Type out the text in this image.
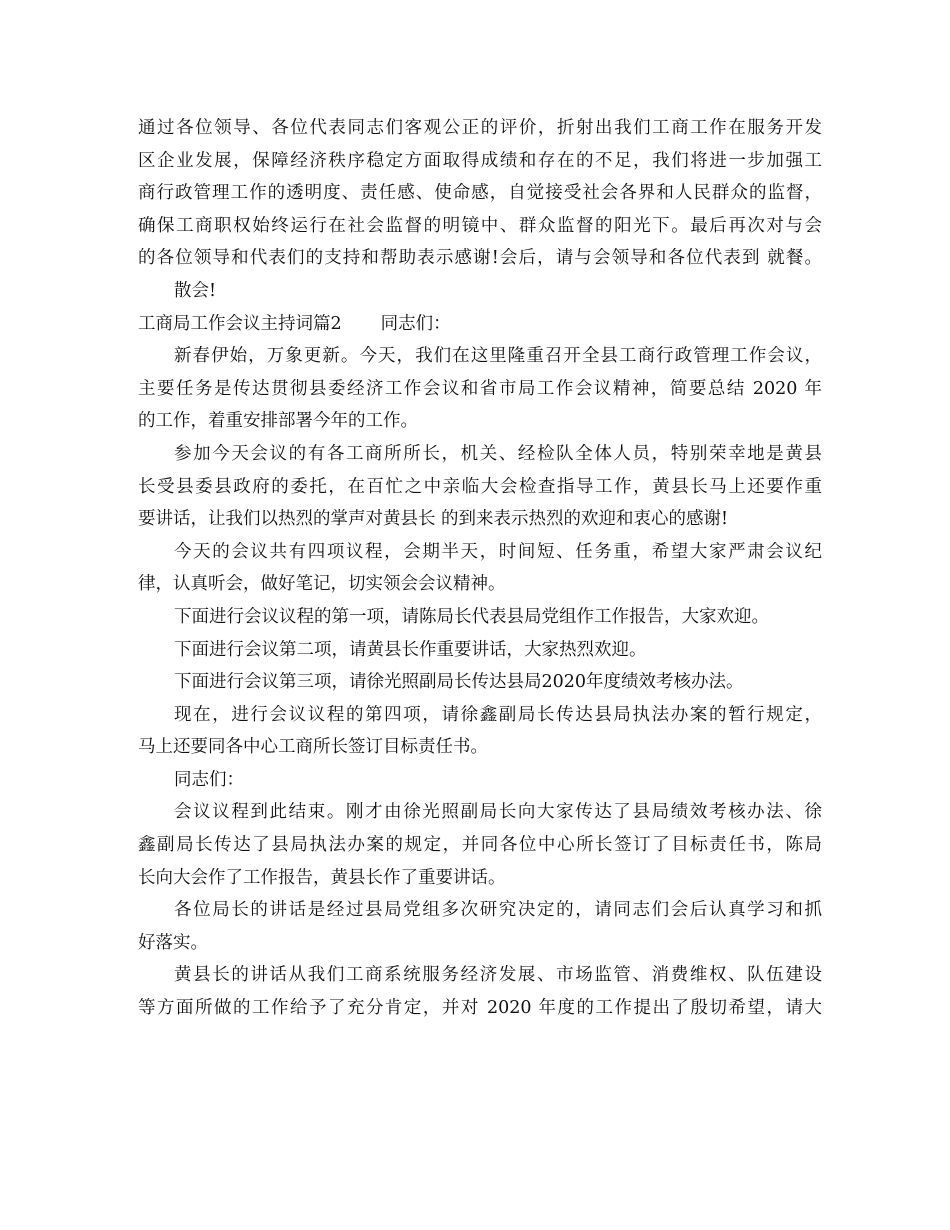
通过各位领导、各位代表同志们客观公正的评价，折射出我们工商工作在服务开发
区企业发展，保障经济秩序稳定方面取得成绩和存在的不足，我们将进一步加强工
商行政管理工作的透明度、责任感、使命感，自觉接受社会各界和人民群众的监督，
确保工商职权始终运行在社会监督的明镜中、群众监督的阳光下。最后再次对与会
的各位领导和代表们的支持和帮助表示感谢!会后，请与会领导和各位代表到 就餐。
散会!
工商局工作会议主持词篇2       同志们：
新春伊始，万象更新。今天，我们在这里隆重召开全县工商行政管理工作会议，
主要任务是传达贯彻县委经济工作会议和省市局工作会议精神，简要总结 2020 年
的工作，着重安排部署今年的工作。
参加今天会议的有各工商所所长，机关、经检队全体人员，特别荣幸地是黄县
长受县委县政府的委托，在百忙之中亲临大会检查指导工作，黄县长马上还要作重
要讲话，让我们以热烈的掌声对黄县长 的到来表示热烈的欢迎和衷心的感谢!
今天的会议共有四项议程，会期半天，时间短、任务重，希望大家严肃会议纪
律，认真听会，做好笔记，切实领会会议精神。
下面进行会议议程的第一项，请陈局长代表县局党组作工作报告，大家欢迎。
下面进行会议第二项，请黄县长作重要讲话，大家热烈欢迎。
下面进行会议第三项，请徐光照副局长传达县局2020年度绩效考核办法。
现在，进行会议议程的第四项，请徐鑫副局长传达县局执法办案的暂行规定，
马上还要同各中心工商所长签订目标责任书。
同志们：
会议议程到此结束。刚才由徐光照副局长向大家传达了县局绩效考核办法、徐
鑫副局长传达了县局执法办案的规定，并同各位中心所长签订了目标责任书，陈局
长向大会作了工作报告，黄县长作了重要讲话。
各位局长的讲话是经过县局党组多次研究决定的，请同志们会后认真学习和抓
好落实。
黄县长的讲话从我们工商系统服务经济发展、市场监管、消费维权、队伍建设
等方面所做的工作给予了充分肯定，并对 2020 年度的工作提出了殷切希望，请大
